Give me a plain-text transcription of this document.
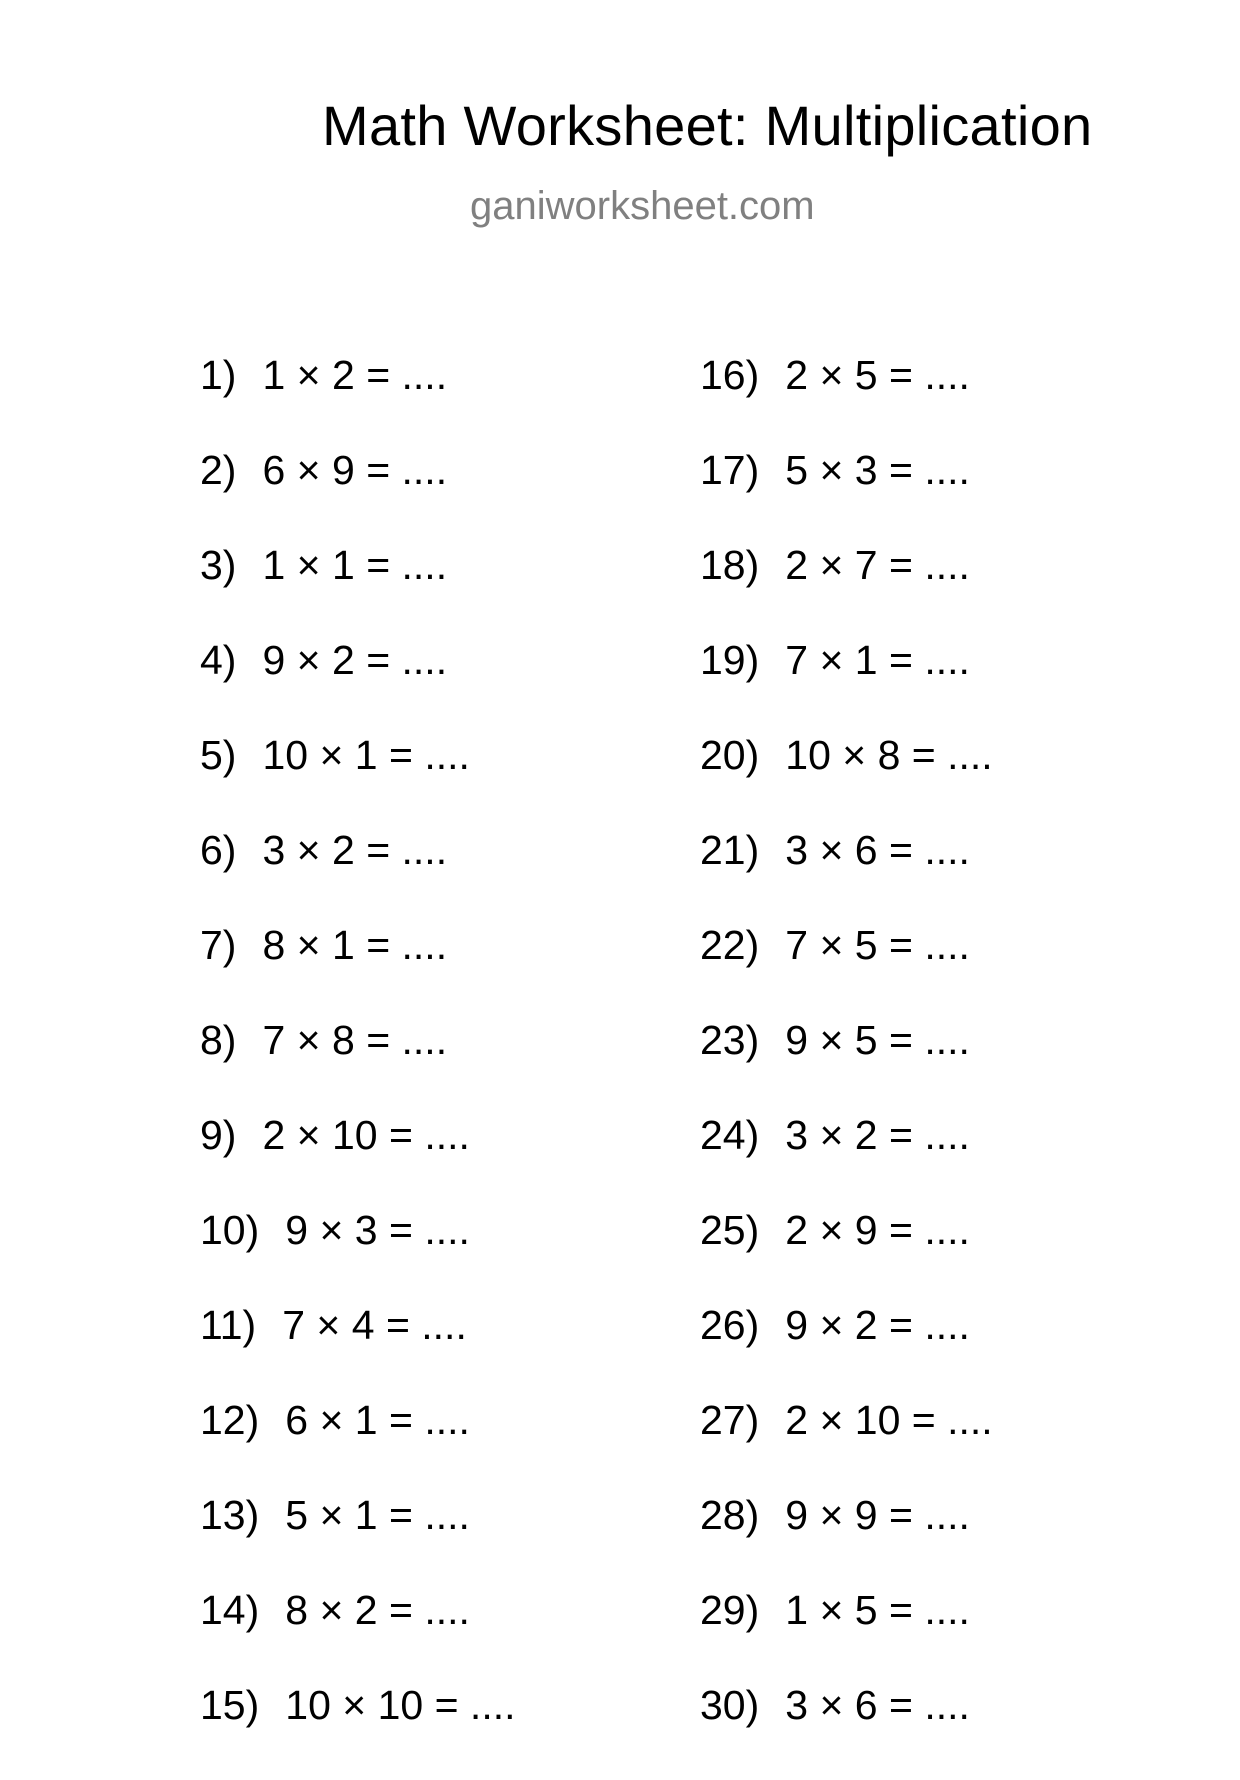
Math Worksheet: Multiplication
ganiworksheet.com
1) 1 × 2 = ....
2) 6 × 9 = ....
3) 1 × 1 = ....
4) 9 × 2 = ....
5) 10 × 1 = ....
6) 3 × 2 = ....
7) 8 × 1 = ....
8) 7 × 8 = ....
9) 2 × 10 = ....
10) 9 × 3 = ....
11) 7 × 4 = ....
12) 6 × 1 = ....
13) 5 × 1 = ....
14) 8 × 2 = ....
15) 10 × 10 = ....
16) 2 × 5 = ....
17) 5 × 3 = ....
18) 2 × 7 = ....
19) 7 × 1 = ....
20) 10 × 8 = ....
21) 3 × 6 = ....
22) 7 × 5 = ....
23) 9 × 5 = ....
24) 3 × 2 = ....
25) 2 × 9 = ....
26) 9 × 2 = ....
27) 2 × 10 = ....
28) 9 × 9 = ....
29) 1 × 5 = ....
30) 3 × 6 = ....
